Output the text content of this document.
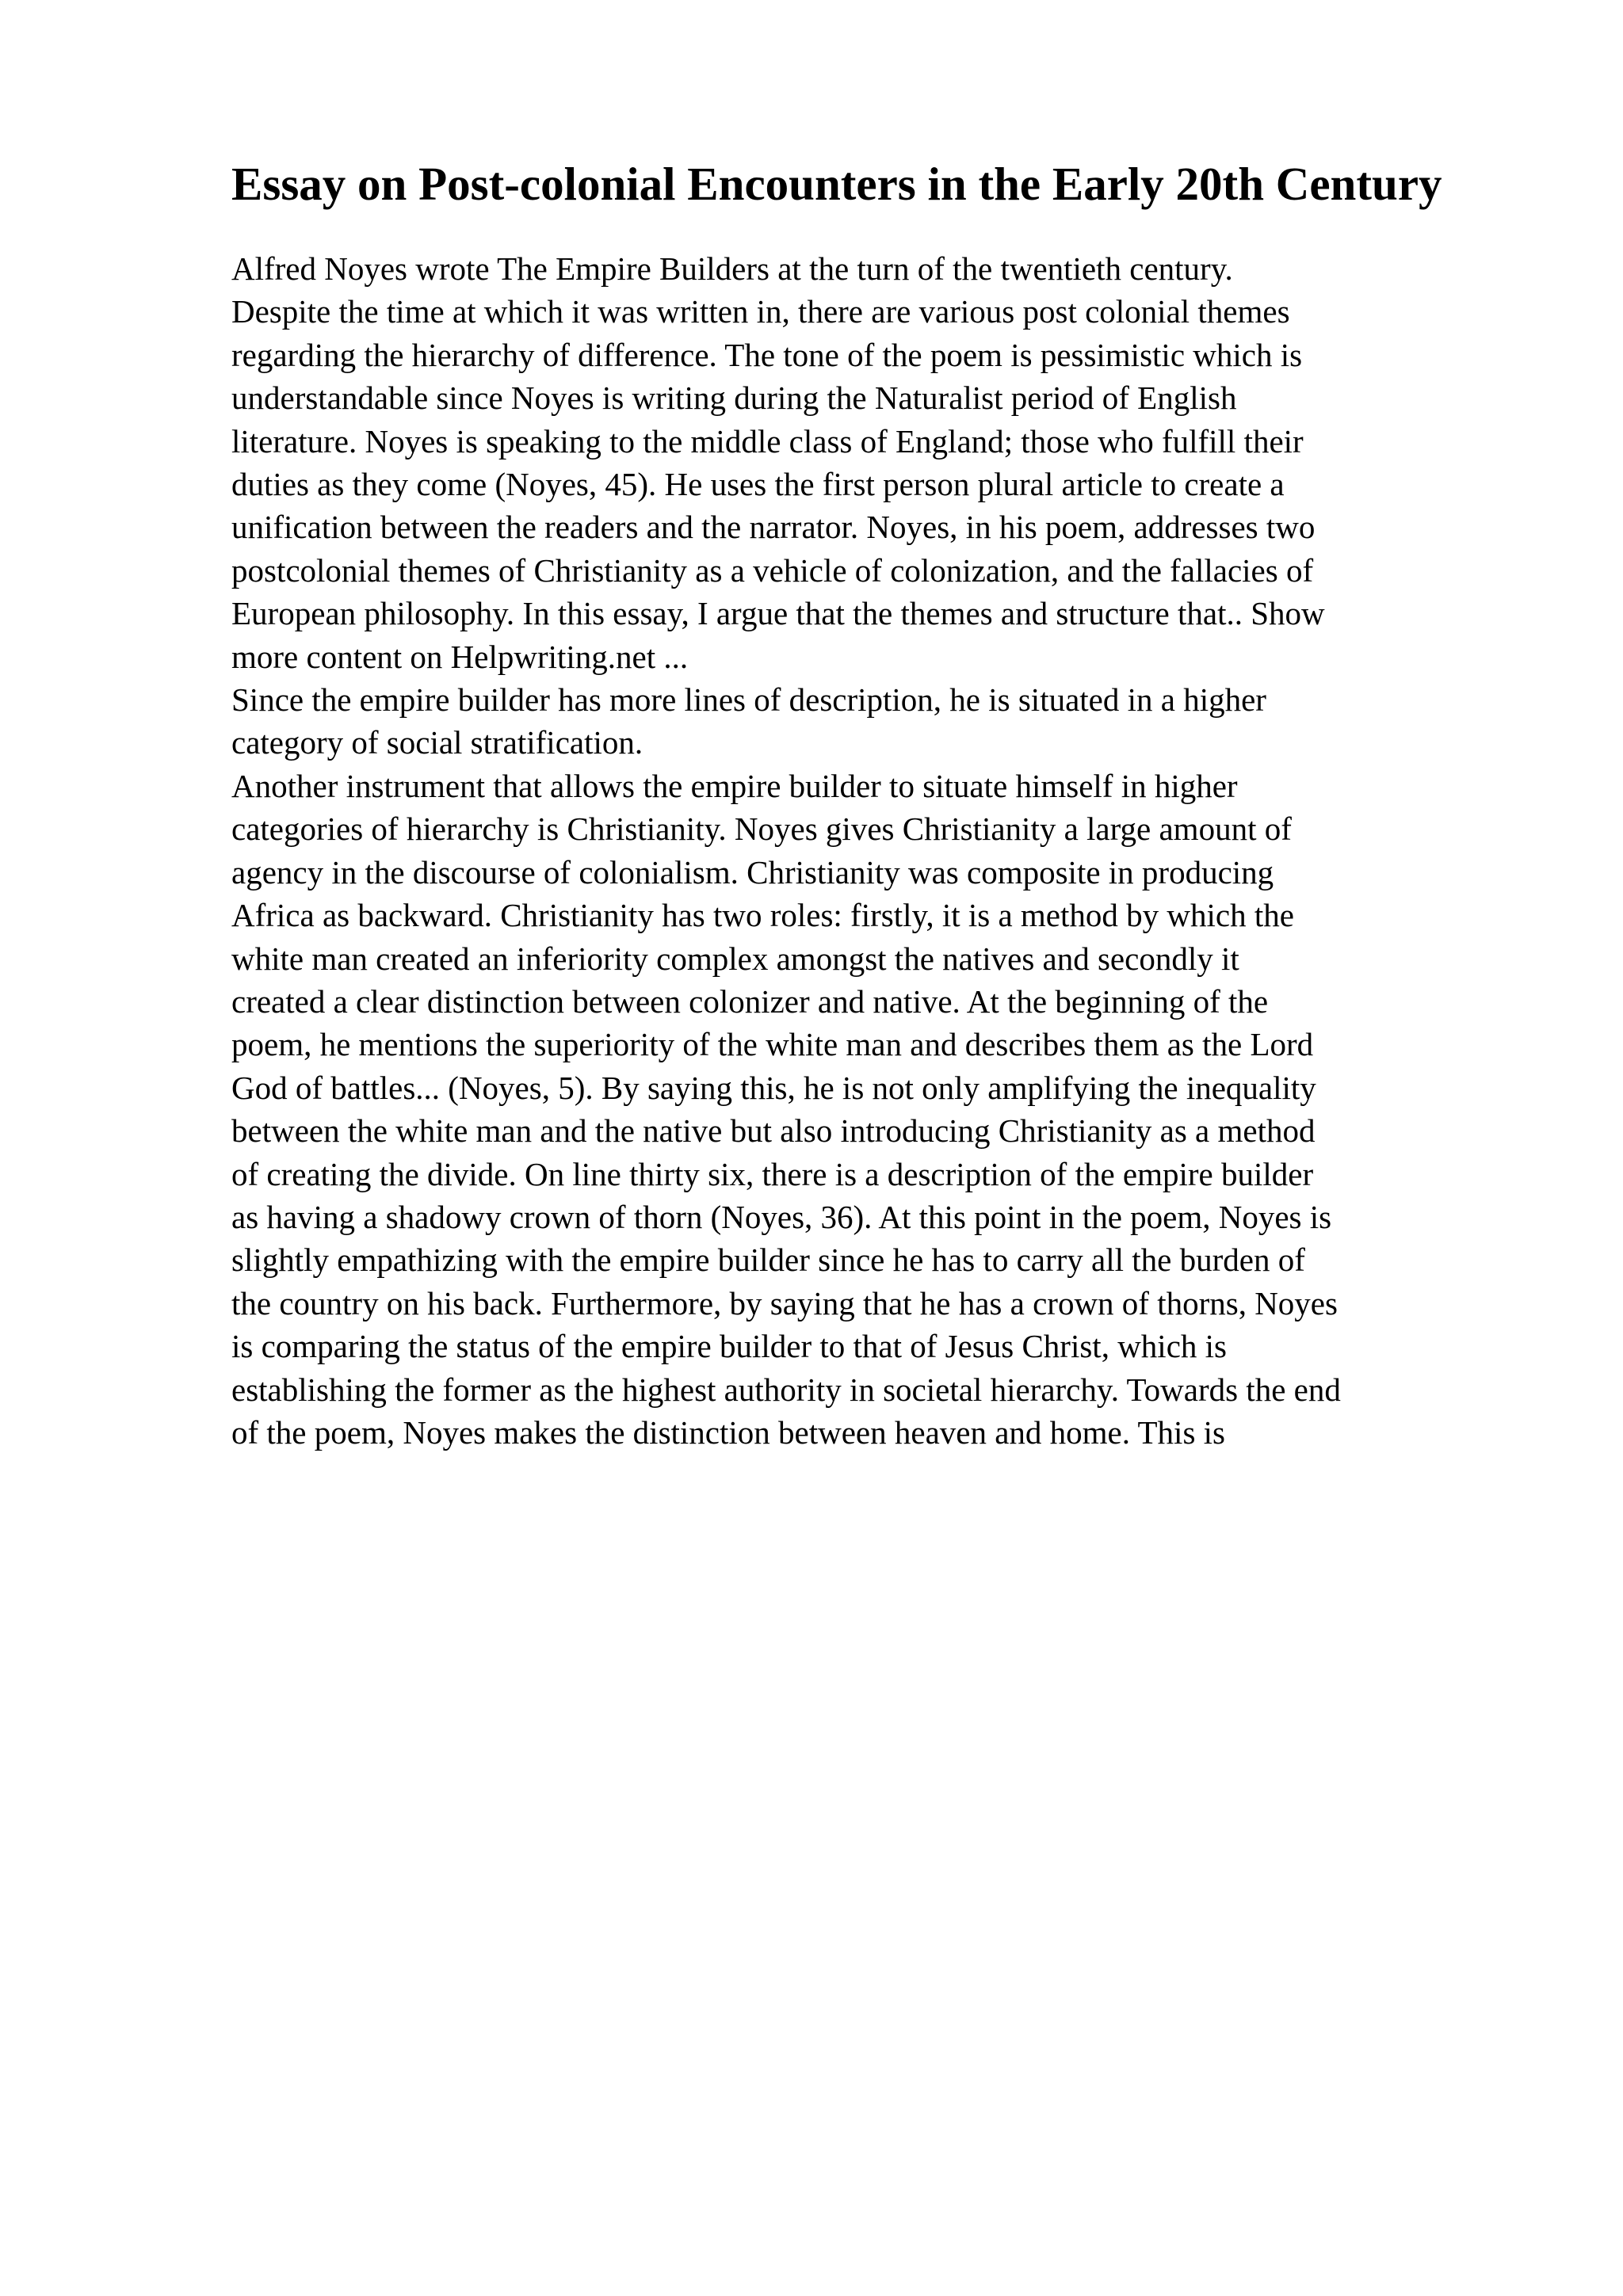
Essay on Post-colonial Encounters in the Early 20th Century

Alfred Noyes wrote The Empire Builders at the turn of the twentieth century.
Despite the time at which it was written in, there are various post colonial themes
regarding the hierarchy of difference. The tone of the poem is pessimistic which is
understandable since Noyes is writing during the Naturalist period of English
literature. Noyes is speaking to the middle class of England; those who fulfill their
duties as they come (Noyes, 45). He uses the first person plural article to create a
unification between the readers and the narrator. Noyes, in his poem, addresses two
postcolonial themes of Christianity as a vehicle of colonization, and the fallacies of
European philosophy. In this essay, I argue that the themes and structure that.. Show
more content on Helpwriting.net ...

Since the empire builder has more lines of description, he is situated in a higher
category of social stratification.

Another instrument that allows the empire builder to situate himself in higher
categories of hierarchy is Christianity. Noyes gives Christianity a large amount of
agency in the discourse of colonialism. Christianity was composite in producing
Africa as backward. Christianity has two roles: firstly, it is a method by which the
white man created an inferiority complex amongst the natives and secondly it
created a clear distinction between colonizer and native. At the beginning of the
poem, he mentions the superiority of the white man and describes them as the Lord
God of battles... (Noyes, 5). By saying this, he is not only amplifying the inequality
between the white man and the native but also introducing Christianity as a method
of creating the divide. On line thirty six, there is a description of the empire builder
as having a shadowy crown of thorn (Noyes, 36). At this point in the poem, Noyes is
slightly empathizing with the empire builder since he has to carry all the burden of
the country on his back. Furthermore, by saying that he has a crown of thorns, Noyes
is comparing the status of the empire builder to that of Jesus Christ, which is
establishing the former as the highest authority in societal hierarchy. Towards the end
of the poem, Noyes makes the distinction between heaven and home. This is
